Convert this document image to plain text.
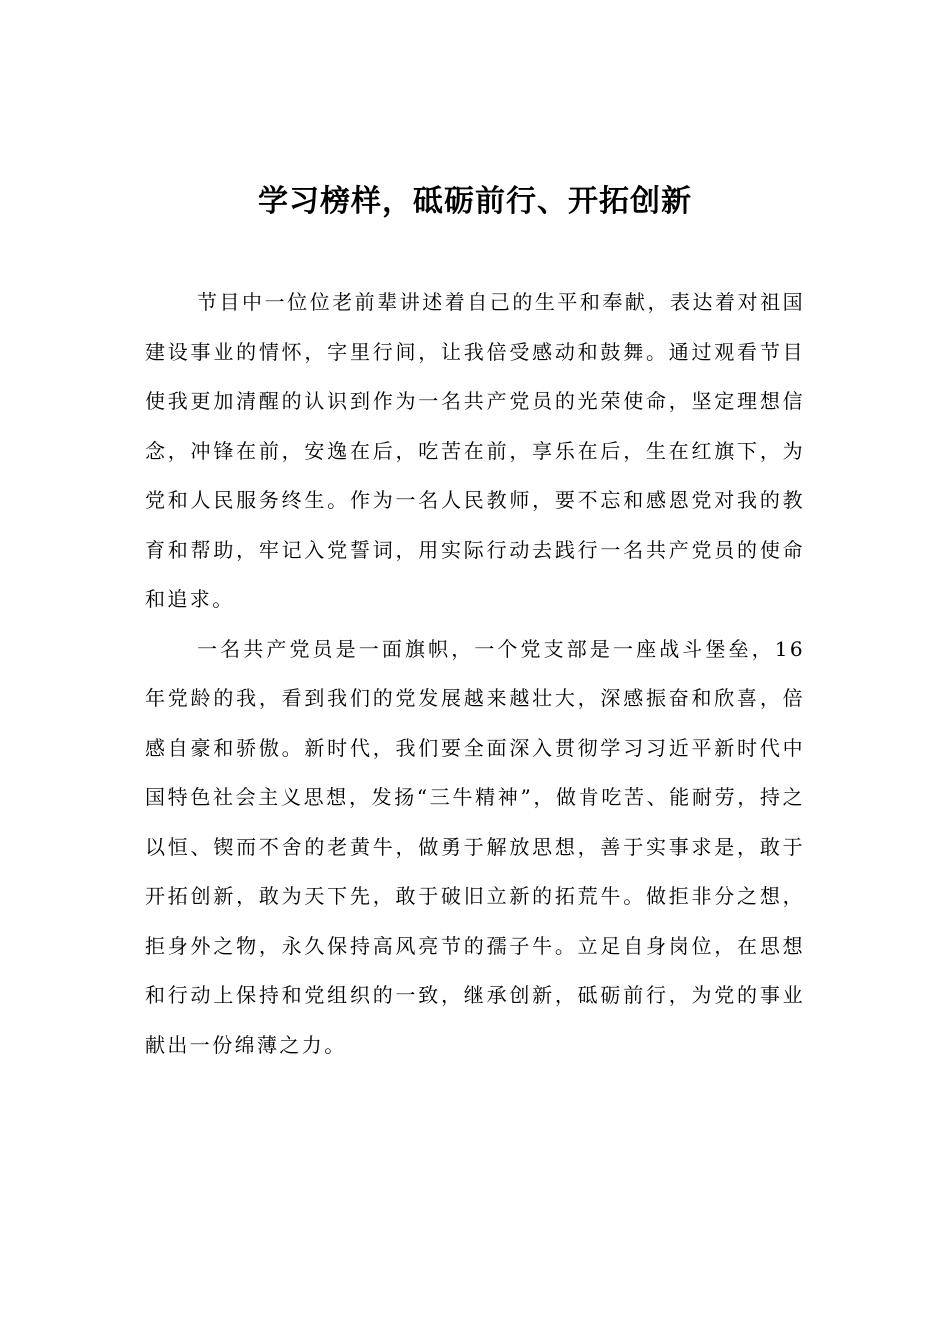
学习榜样，砥砺前行、开拓创新

节目中一位位老前辈讲述着自己的生平和奉献，表达着对祖国建设事业的情怀，字里行间，让我倍受感动和鼓舞。通过观看节目使我更加清醒的认识到作为一名共产党员的光荣使命，坚定理想信念，冲锋在前，安逸在后，吃苦在前，享乐在后，生在红旗下，为党和人民服务终生。作为一名人民教师，要不忘和感恩党对我的教育和帮助，牢记入党誓词，用实际行动去践行一名共产党员的使命和追求。

一名共产党员是一面旗帜，一个党支部是一座战斗堡垒，16年党龄的我，看到我们的党发展越来越壮大，深感振奋和欣喜，倍感自豪和骄傲。新时代，我们要全面深入贯彻学习习近平新时代中国特色社会主义思想，发扬“三牛精神”，做肯吃苦、能耐劳，持之以恒、锲而不舍的老黄牛，做勇于解放思想，善于实事求是，敢于开拓创新，敢为天下先，敢于破旧立新的拓荒牛。做拒非分之想，拒身外之物，永久保持高风亮节的孺子牛。立足自身岗位，在思想和行动上保持和党组织的一致，继承创新，砥砺前行，为党的事业献出一份绵薄之力。
